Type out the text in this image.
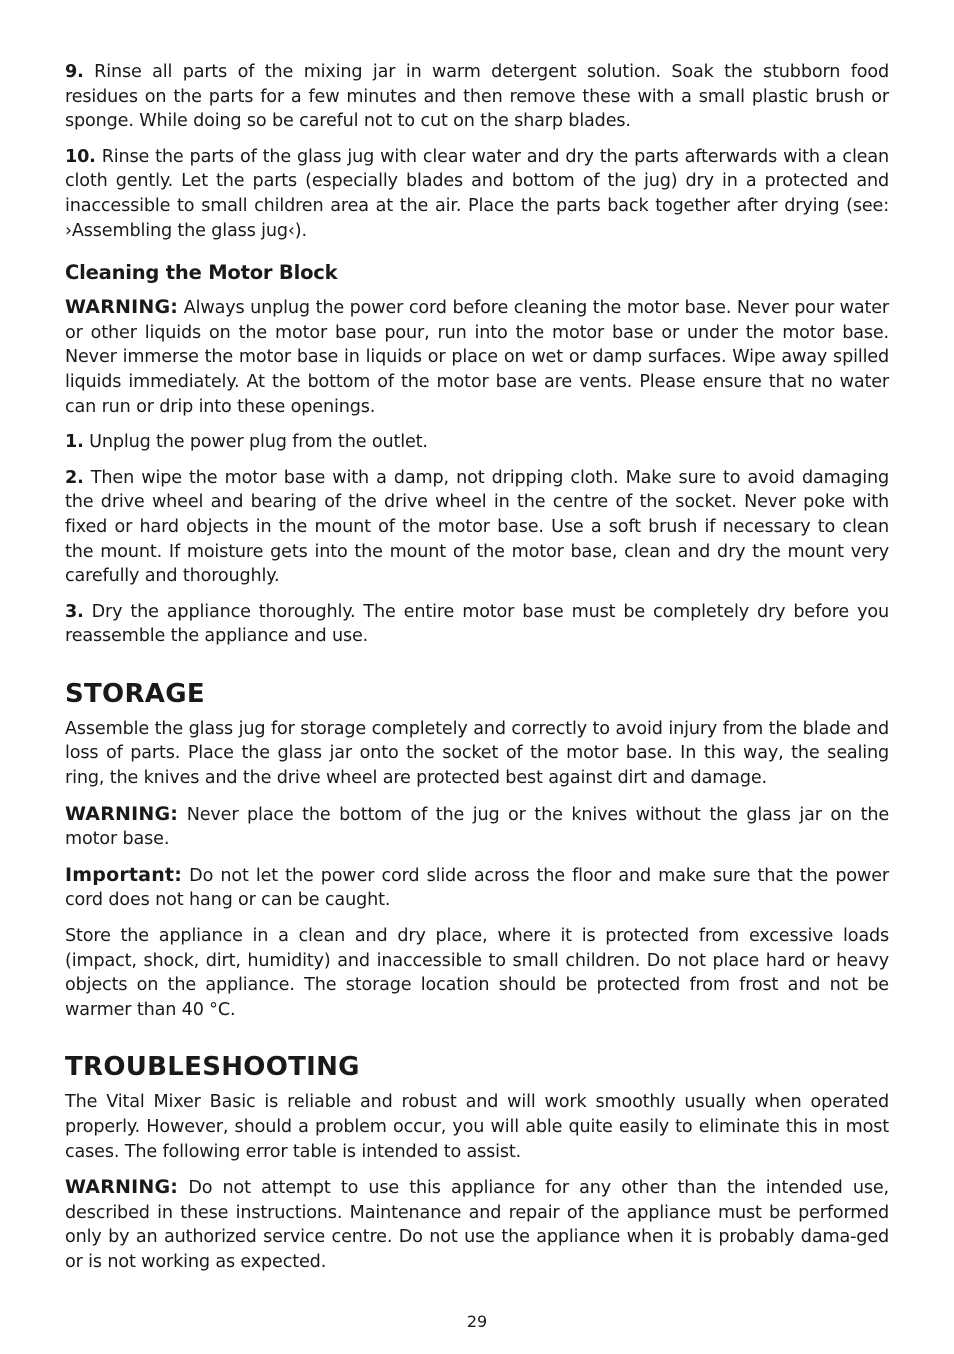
9. Rinse all parts of the mixing jar in warm detergent solution. Soak the stubborn food residues on the parts for a few minutes and then remove these with a small plastic brush or sponge. While doing so be careful not to cut on the sharp blades.

10. Rinse the parts of the glass jug with clear water and dry the parts afterwards with a clean cloth gently. Let the parts (especially blades and bottom of the jug) dry in a protected and inaccessible to small children area at the air. Place the parts back together after drying (see: ›Assembling the glass jug‹).

Cleaning the Motor Block

WARNING: Always unplug the power cord before cleaning the motor base. Never pour water or other liquids on the motor base pour, run into the motor base or under the motor base. Never immerse the motor base in liquids or place on wet or damp surfaces. Wipe away spilled liquids immediately. At the bottom of the motor base are vents. Please ensure that no water can run or drip into these openings.

1. Unplug the power plug from the outlet.

2. Then wipe the motor base with a damp, not dripping cloth. Make sure to avoid damaging the drive wheel and bearing of the drive wheel in the centre of the socket. Never poke with fixed or hard objects in the mount of the motor base. Use a soft brush if necessary to clean the mount. If moisture gets into the mount of the motor base, clean and dry the mount very carefully and thoroughly.

3. Dry the appliance thoroughly. The entire motor base must be completely dry before you reassemble the appliance and use.

STORAGE

Assemble the glass jug for storage completely and correctly to avoid injury from the blade and loss of parts. Place the glass jar onto the socket of the motor base. In this way, the sealing ring, the knives and the drive wheel are protected best against dirt and damage.

WARNING: Never place the bottom of the jug or the knives without the glass jar on the motor base.

Important: Do not let the power cord slide across the floor and make sure that the power cord does not hang or can be caught.

Store the appliance in a clean and dry place, where it is protected from excessive loads (impact, shock, dirt, humidity) and inaccessible to small children. Do not place hard or heavy objects on the appliance. The storage location should be protected from frost and not be warmer than 40 °C.

TROUBLESHOOTING

The Vital Mixer Basic is reliable and robust and will work smoothly usually when operated properly. However, should a problem occur, you will able quite easily to eliminate this in most cases. The following error table is intended to assist.

WARNING: Do not attempt to use this appliance for any other than the intended use, described in these instructions. Maintenance and repair of the appliance must be performed only by an authorized service centre. Do not use the appliance when it is probably dama-ged or is not working as expected.

29
